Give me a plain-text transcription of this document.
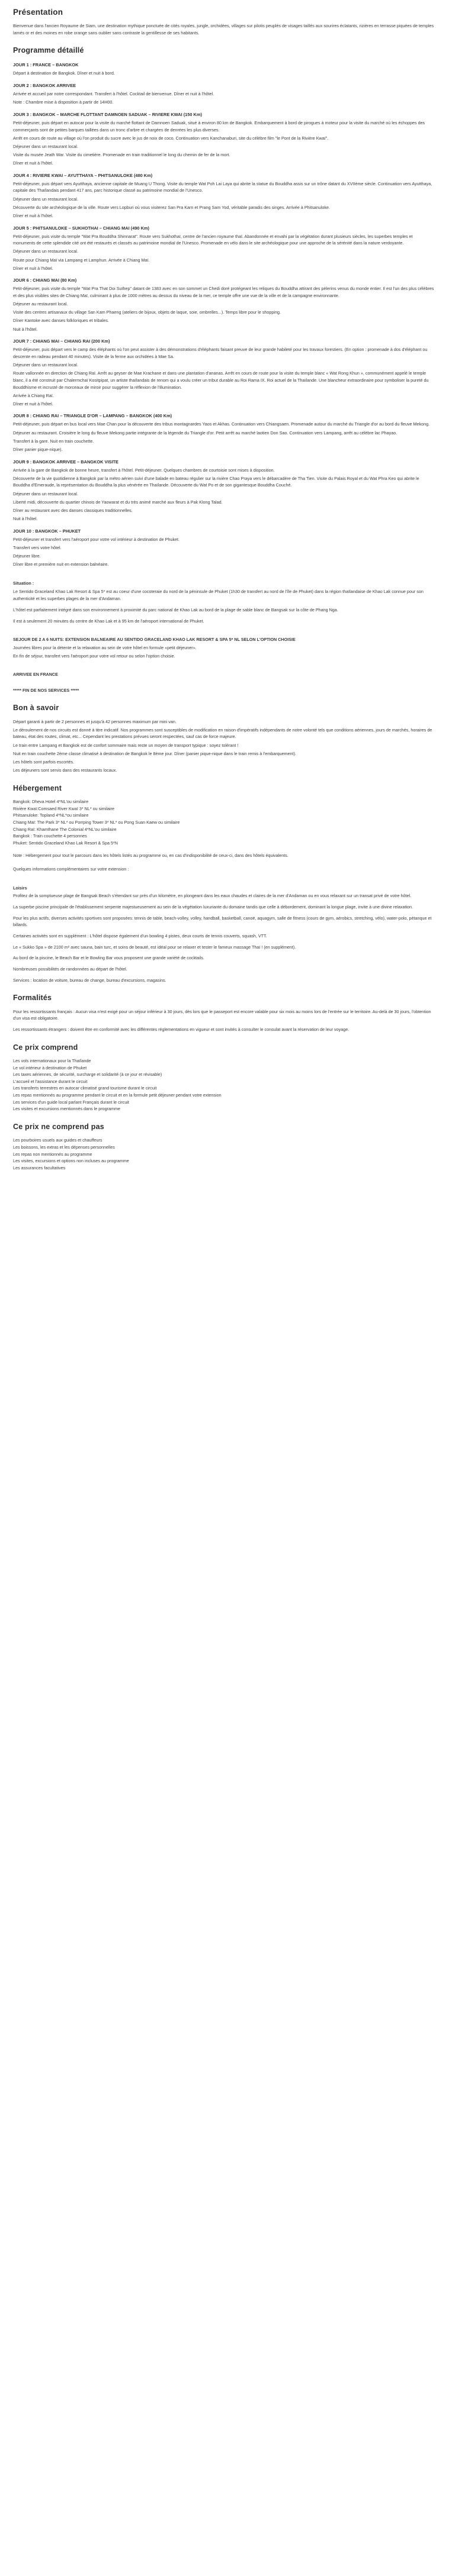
Présentation

Bienvenue dans l'ancien Royaume de Siam, une destination mythique ponctuée de cités royales, jungle, orchidées, villages sur pilotis peuplés de visages taillés aux sourires éclatants, rizières en terrasse piquées de temples lamés or et des moines en robe orange sans oublier sans contraste la gentillesse de ses habitants.

Programme détaillé
JOUR 1 : FRANCE – BANGKOK

Départ à destination de Bangkok. Dîner et nuit à bord.

JOUR 2 : BANGKOK ARRIVEE

Arrivée et accueil par notre correspondant. Transfert à l'hôtel. Cocktail de bienvenue. Dîner et nuit à l'hôtel.

Note : Chambre mise à disposition à partir de 14H00.

JOUR 3 : BANGKOK – MARCHE FLOTTANT DAMNOEN SADUAK – RIVIERE KWAI (150 Km)

Petit-déjeuner, puis départ en autocar pour la visite du marché flottant de Damnoen Saduak, situé à environ 80 km de Bangkok. Embarquement à bord de pirogues à moteur pour la visite du marché où les échoppes des commerçants sont de petites barques taillées dans un tronc d'arbre et chargées de denrées les plus diverses.

Arrêt en cours de route au village où l'on produit du sucre avec le jus de noix de coco. Continuation vers Kanchanaburi, site du célèbre film "le Pont de la Rivière Kwaï".

Déjeuner dans un restaurant local.

Visite du musée Jeath War. Visite du cimetière. Promenade en train traditionnel le long du chemin de fer de la mort.

Dîner et nuit à l'hôtel.

JOUR 4 : RIVIERE KWAI – AYUTTHAYA – PHITSANULOKE (480 Km)

Petit-déjeuner, puis départ vers Ayutthaya, ancienne capitale de Muang U Thong. Visite du temple Wat Poh Lai Laya qui abrite la statue du Bouddha assis sur un trône datant du XVIIème siècle. Continuation vers Ayutthaya, capitale des Thaïlandais pendant 417 ans, parc historique classé au patrimoine mondial de l'Unesco.

Déjeuner dans un restaurant local.

Découverte du site archéologique de la ville. Route vers Lopburi où vous visiterez San Pra Karn et Prang Sam Yod, véritable paradis des singes. Arrivée à Phitsanuloke.

Dîner et nuit à l'hôtel.

JOUR 5 : PHITSANULOKE – SUKHOTHAI – CHIANG MAI (490 Km)

Petit-déjeuner, puis visite du temple "Wat Pra Bouddha Shinnarat". Route vers Sukhothaï, centre de l'ancien royaume thaï. Abandonnée et envahi par la végétation durant plusieurs siècles, les superbes temples et monuments de cette splendide cité ont été restaurés et classés au patrimoine mondial de l'Unesco. Promenade en vélo dans le site archéologique pour une approche de la sérénité dans la nature verdoyante.

Déjeuner dans un restaurant local.

Route pour Chiang Maï via Lampang et Lamphun. Arrivée à Chiang Maï.

Dîner et nuit à l'hôtel.

JOUR 6 : CHIANG MAI (80 Km)

Petit-déjeuner, puis visite du temple "Wat Pra That Doi Suthep" datant de 1383 avec en son sommet un Chedi doré protégeant les reliques du Bouddha attirant des pèlerins venus du monde entier. Il est l'un des plus célèbres et des plus visibles sites de Chiang Maï, culminant à plus de 1000 mètres au dessus du niveau de la mer, ce temple offre une vue de la ville et de la campagne environnante.

Déjeuner au restaurant local.

Visite des centres artisanaux du village San Kam Phaeng (ateliers de bijoux, objets de laque, soie, ombrelles...). Temps libre pour le shopping.

Dîner Kantoke avec danses folkloriques et tribales.

Nuit à l'hôtel.

JOUR 7 : CHIANG MAI – CHIANG RAI (200 Km)

Petit-déjeuner, puis départ vers le camp des éléphants où l'on peut assister à des démonstrations d'éléphants faisant preuve de leur grande habileté pour les travaux forestiers. (En option : promenade à dos d'éléphant ou descente en radeau pendant 40 minutes). Visite de la ferme aux orchidées à Mae Sa.

Déjeuner dans un restaurant local.

Route vallonnée en direction de Chiang Raï. Arrêt au geyser de Mae Krachane et dans une plantation d'ananas. Arrêt en cours de route pour la visite du temple blanc « Wat Rong Khun », communément appelé le temple blanc, il a été construit par Chalermchaï Kositpipat, un artiste thaïlandais de renom qui a voulu créer un tribut durable au Roi Rama IX. Roi actuel de la Thaïlande. Une blancheur extraordinaire pour symboliser la pureté du Bouddhisme et incrusté de morceaux de miroir pour suggérer la réflexion de l'illumination.

Arrivée à Chiang Raï.

Dîner et nuit à l'hôtel.

JOUR 8 : CHIANG RAI – TRIANGLE D'OR – LAMPANG – BANGKOK (400 Km)

Petit-déjeuner, puis départ en bus local vers Mae Chan pour la découverte des tribus montagnardes Yaos et Akhas. Continuation vers Chiangsaen. Promenade autour du marché du Triangle d'or au bord du fleuve Mekong.

Déjeuner au restaurant. Croisière le long du fleuve Mekong partie intégrante de la légende du Triangle d'or. Petit arrêt au marché laotien Don Sao. Continuation vers Lampang, arrêt au célèbre lac Phayao.

Transfert à la gare. Nuit en train couchette.

Dîner panier pique-nique).

JOUR 9 : BANGKOK ARRIVEE – BANGKOK VISITE

Arrivée à la gare de Bangkok de bonne heure, transfert à l'hôtel. Petit-déjeuner. Quelques chambres de courtoisie sont mises à disposition.

Découverte de la vie quotidienne à Bangkok par la métro aérien suivi d'une balade en bateau régulier sur la rivière Chao Praya vers le débarcadère de Tha Tien. Visite du Palais Royal et du Wat Phra Keo qui abrite le Bouddha d'Emeraude, la représentation du Bouddha la plus vénérée en Thaïlande. Découverte du Wat Po et de son gigantesque Bouddha Couché.

Déjeuner dans un restaurant local.

Liberté midi, découverte du quartier chinois de Yaowarat et du très animé marché aux fleurs à Pak Klong Talad.

Dîner au restaurant avec des danses classiques traditionnelles.

Nuit à l'hôtel.

JOUR 10 : BANGKOK – PHUKET

Petit-déjeuner et transfert vers l'aéroport pour votre vol intérieur à destination de Phuket.

Transfert vers votre hôtel.

Déjeuner libre.

Dîner libre et première nuit en extension balnéaire.

Situation :

Le Sentido Graceland Khao Lak Resort & Spa 5* est au coeur d'une cocoteraie du nord de la péninsule de Phuket (1h30 de transfert au nord de l'île de Phuket) dans la région thaïlandaise de Khao Lak connue pour son authenticité et les superbes plages de la mer d'Andaman.

L'hôtel est parfaitement intégré dans son environnement à proximité du parc national de Khao Lak au bord de la plage de sable blanc de Bangsak sur la côte de Phang Nga.

Il est à seulement 20 minutes du centre de Khao Lak et à 95 km de l'aéroport international de Phuket.

SEJOUR DE 2 A 6 NUITS: EXTENSION BALNEAIRE AU SENTIDO GRACELAND KHAO LAK RESORT & SPA 5* NL SELON L'OPTION CHOISIE

Journées libres pour la détente et la relaxation au sein de votre hôtel en formule «petit déjeuner».

En fin de séjour, transfert vers l'aéroport pour votre vol retour ou selon l'option choisie.

ARRIVEE EN FRANCE
***** FIN DE NOS SERVICES *****
Bon à savoir

Départ garanti à partir de 2 personnes et jusqu'à 42 personnes maximum par mini van.

Le déroulement de nos circuits est donné à titre indicatif. Nos programmes sont susceptibles de modification en raison d'impératifs indépendants de notre volonté tels que conditions aériennes, jours de marchés, horaires de bateau, état des routes, climat, etc... Cependant les prestations prévues seront respectées, sauf cas de force majeure.

Le train entre Lampang et Bangkok est de confort sommaire mais reste un moyen de transport typique : soyez tolérant !

Nuit en train couchette 2ème classe climatisé à destination de Bangkok le 8ème jour. Dîner (panier pique-nique dans le train remis à l'embarquement).

Les hôtels sont parfois escortés.

Les déjeuners sont servis dans des restaurants locaux.

Hébergement

Bangkok: Dheva Hotel 4*NL'ou similaire

Rivière Kwaï:Comsaed River Kwaï 3* NL* ou similaire

Phitsanuloke: Topland 4*NL*ou similaire

Chiang Maï: The Park 3* NL* ou Porrping Tower 3* NL* ou Pong Suan Kaew ou similaire

Chiang Raï: Khamthane The Colonial 4*NL'ou similaire

Bangkok : Train couchette 4 personnes

Phuket: Sentido Graceland Khao Lak Resort & Spa 5*N

Note : Hébergement pour tout le parcours dans les hôtels listés au programme ou, en cas d'indisponibilité de ceux-ci, dans des hôtels équivalents.

Quelques informations complémentaires sur votre extension :

Loisirs

Profitez de la somptueuse plage de Bangsak Beach s'étendant sur près d'un kilomètre, en plongeant dans les eaux chaudes et claires de la mer d'Andaman ou en vous relaxant sur un transat privé de votre hôtel.

La superbe piscine principale de l'établissement serpente majestueusement au sein de la végétation luxuriante du domaine tandis que celle à débordement, dominant la longue plage, invite à une divine relaxation.

Pour les plus actifs, diverses activités sportives sont proposées: tennis de table, beach-volley, volley, handball, basketball, canoë, aquagym, salle de fitness (cours de gym, aérobics, stretching, vélo), water-polo, pétanque et billards.

Certaines activités sont en supplément : L'hôtel dispose également d'un bowling 4 pistes, deux courts de tennis couverts, squash, VTT.

Le « Sukko Spa » de 2100 m² avec sauna, bain turc, et soins de beauté, est idéal pour se relaxer et tester le fameux massage Thaï ! (en supplément).

Au bord de la piscine, le Beach Bar et le Bowling Bar vous proposent une grande variété de cocktails.

Nombreuses possibilités de randonnées au départ de l'hôtel.

Services : location de voiture, bureau de change, bureau d'excursions, magasins.

Formalités

Pour les ressortissants français : Aucun visa n'est exigé pour un séjour inférieur à 30 jours, dès lors que le passeport est encore valable pour six mois au moins lors de l'entrée sur le territoire. Au-delà de 30 jours, l'obtention d'un visa est obligatoire.

Les ressortissants étrangers : doivent être en conformité avec les différentes réglementations en vigueur et sont invités à consulter le consulat avant la réservation de leur voyage.

Ce prix comprend

Les vols internationaux pour la Thaïlande

Le vol intérieur à destination de Phuket

Les taxes aériennes, de sécurité, surcharge et solidarité (à ce jour et révisable)

L'accueil et l'assistance durant le circuit

Les transferts terrestres en autocar climatisé grand tourisme durant le circuit

Les repas mentionnés au programme pendant le circuit et en la formule petit déjeuner pendant votre extension

Les services d'un guide local parlant Français durant le circuit

Les visites et excursions mentionnés dans le programme

Ce prix ne comprend pas

Les pourboires usuels aux guides et chauffeurs

Les boissons, les extras et les dépenses personnelles

Les repas non mentionnés au programme

Les visites, excursions et options non incluses au programme

Les assurances facultatives
